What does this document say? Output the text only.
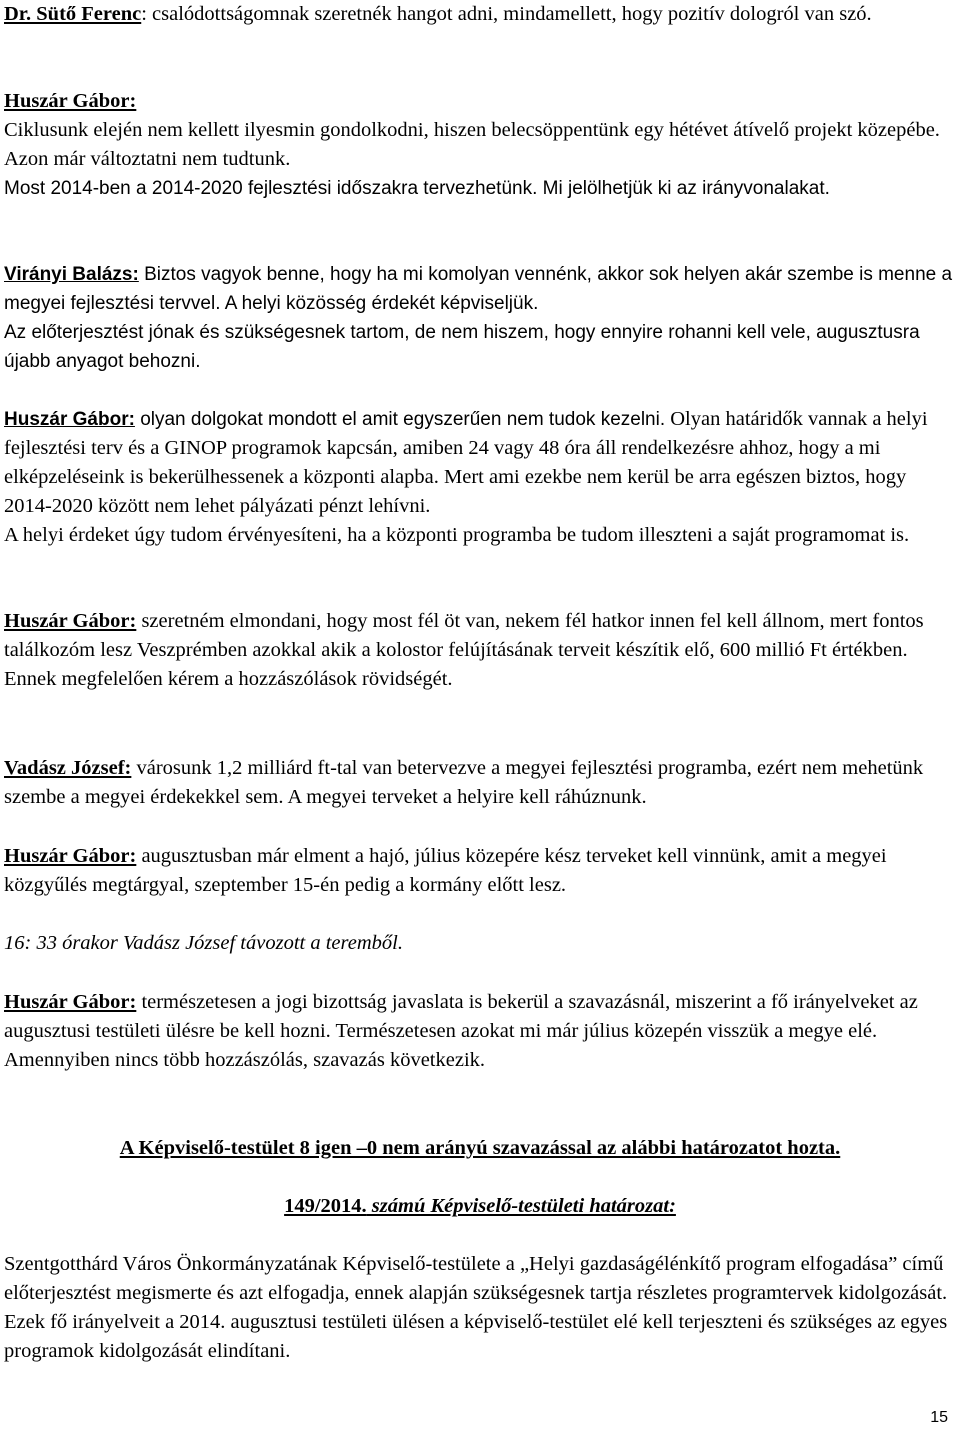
Dr. Sütő Ferenc: csalódottságomnak szeretnék hangot adni, mindamellett, hogy pozitív dologról van szó.

Huszár Gábor:
Ciklusunk elején nem kellett ilyesmin gondolkodni, hiszen belecsöppentünk egy hétévet átívelő projekt közepébe. Azon már változtatni nem tudtunk.
Most 2014-ben a 2014-2020 fejlesztési időszakra tervezhetünk. Mi jelölhetjük ki az irányvonalakat.

Virányi Balázs: Biztos vagyok benne, hogy ha mi komolyan vennénk, akkor sok helyen akár szembe is menne a megyei fejlesztési tervvel. A helyi közösség érdekét képviseljük.
Az előterjesztést jónak és szükségesnek tartom, de nem hiszem, hogy ennyire rohanni kell vele, augusztusra újabb anyagot behozni.

Huszár Gábor: olyan dolgokat mondott el amit egyszerűen nem tudok kezelni. Olyan határidők vannak a helyi fejlesztési terv és a GINOP programok kapcsán, amiben 24 vagy 48 óra áll rendelkezésre ahhoz, hogy a mi elképzeléseink is bekerülhessenek a központi alapba. Mert ami ezekbe nem kerül be arra egészen biztos, hogy 2014-2020 között nem lehet pályázati pénzt lehívni.
A helyi érdeket úgy tudom érvényesíteni, ha a központi programba be tudom illeszteni a saját programomat is.

Huszár Gábor: szeretném elmondani, hogy most fél öt van, nekem fél hatkor innen fel kell állnom, mert fontos találkozóm lesz Veszprémben azokkal akik a kolostor felújításának terveit készítik elő, 600 millió Ft értékben. Ennek megfelelően kérem a hozzászólások rövidségét.

Vadász József: városunk 1,2 milliárd ft-tal van betervezve a megyei fejlesztési programba, ezért nem mehetünk szembe a megyei érdekekkel sem. A megyei terveket a helyire kell ráhúznunk.

Huszár Gábor: augusztusban már elment a hajó, július közepére kész terveket kell vinnünk, amit a megyei közgyűlés megtárgyal, szeptember 15-én pedig a kormány előtt lesz.

16: 33 órakor Vadász József távozott a teremből.

Huszár Gábor: természetesen a jogi bizottság javaslata is bekerül a szavazásnál, miszerint a fő irányelveket az augusztusi testületi ülésre be kell hozni. Természetesen azokat mi már július közepén visszük a megye elé. Amennyiben nincs több hozzászólás, szavazás következik.

A Képviselő-testület 8 igen –0 nem arányú szavazással az alábbi határozatot hozta.

149/2014. számú Képviselő-testületi határozat:

Szentgotthárd Város Önkormányzatának Képviselő-testülete a „Helyi gazdaságélénkítő program elfogadása” című előterjesztést megismerte és azt elfogadja, ennek alapján szükségesnek tartja részletes programtervek kidolgozását. Ezek fő irányelveit a 2014. augusztusi testületi ülésen a képviselő-testület elé kell terjeszteni és szükséges az egyes programok kidolgozását elindítani.

15
